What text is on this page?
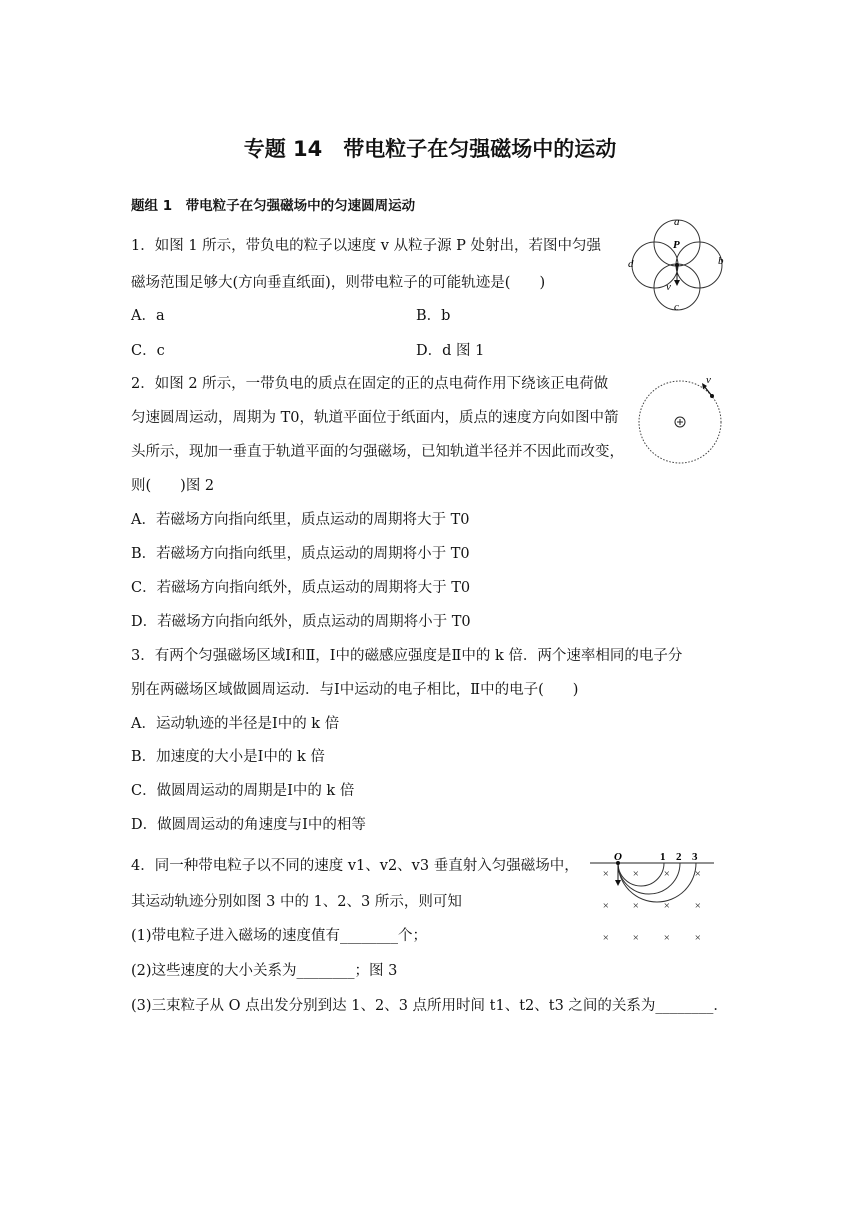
专题 14　带电粒子在匀强磁场中的运动
题组 1　带电粒子在匀强磁场中的匀速圆周运动
1．如图 1 所示，带负电的粒子以速度 v 从粒子源 P 处射出，若图中匀强
磁场范围足够大(方向垂直纸面)，则带电粒子的可能轨迹是(　　)
A．a	B．b
C．c	D．d 图 1
a
P
d	b
v
c
2．如图 2 所示，一带负电的质点在固定的正的点电荷作用下绕该正电荷做
匀速圆周运动，周期为 T0，轨道平面位于纸面内，质点的速度方向如图中箭
头所示，现加一垂直于轨道平面的匀强磁场，已知轨道半径并不因此而改变，
则(　　)图 2
A．若磁场方向指向纸里，质点运动的周期将大于 T0
B．若磁场方向指向纸里，质点运动的周期将小于 T0
C．若磁场方向指向纸外，质点运动的周期将大于 T0
D．若磁场方向指向纸外，质点运动的周期将小于 T0
v
3．有两个匀强磁场区域Ⅰ和Ⅱ，Ⅰ中的磁感应强度是Ⅱ中的 k 倍．两个速率相同的电子分
别在两磁场区域做圆周运动．与Ⅰ中运动的电子相比，Ⅱ中的电子(　　)
A．运动轨迹的半径是Ⅰ中的 k 倍
B．加速度的大小是Ⅰ中的 k 倍
C．做圆周运动的周期是Ⅰ中的 k 倍
D．做圆周运动的角速度与Ⅰ中的相等
4．同一种带电粒子以不同的速度 v1、v2、v3 垂直射入匀强磁场中，
其运动轨迹分别如图 3 中的 1、2、3 所示，则可知
(1)带电粒子进入磁场的速度值有________个；
(2)这些速度的大小关系为________；图 3
(3)三束粒子从 O 点出发分别到达 1、2、3 点所用时间 t1、t2、t3 之间的关系为________．
O	1 2 3
× × × ×
× × × ×
× × × ×
